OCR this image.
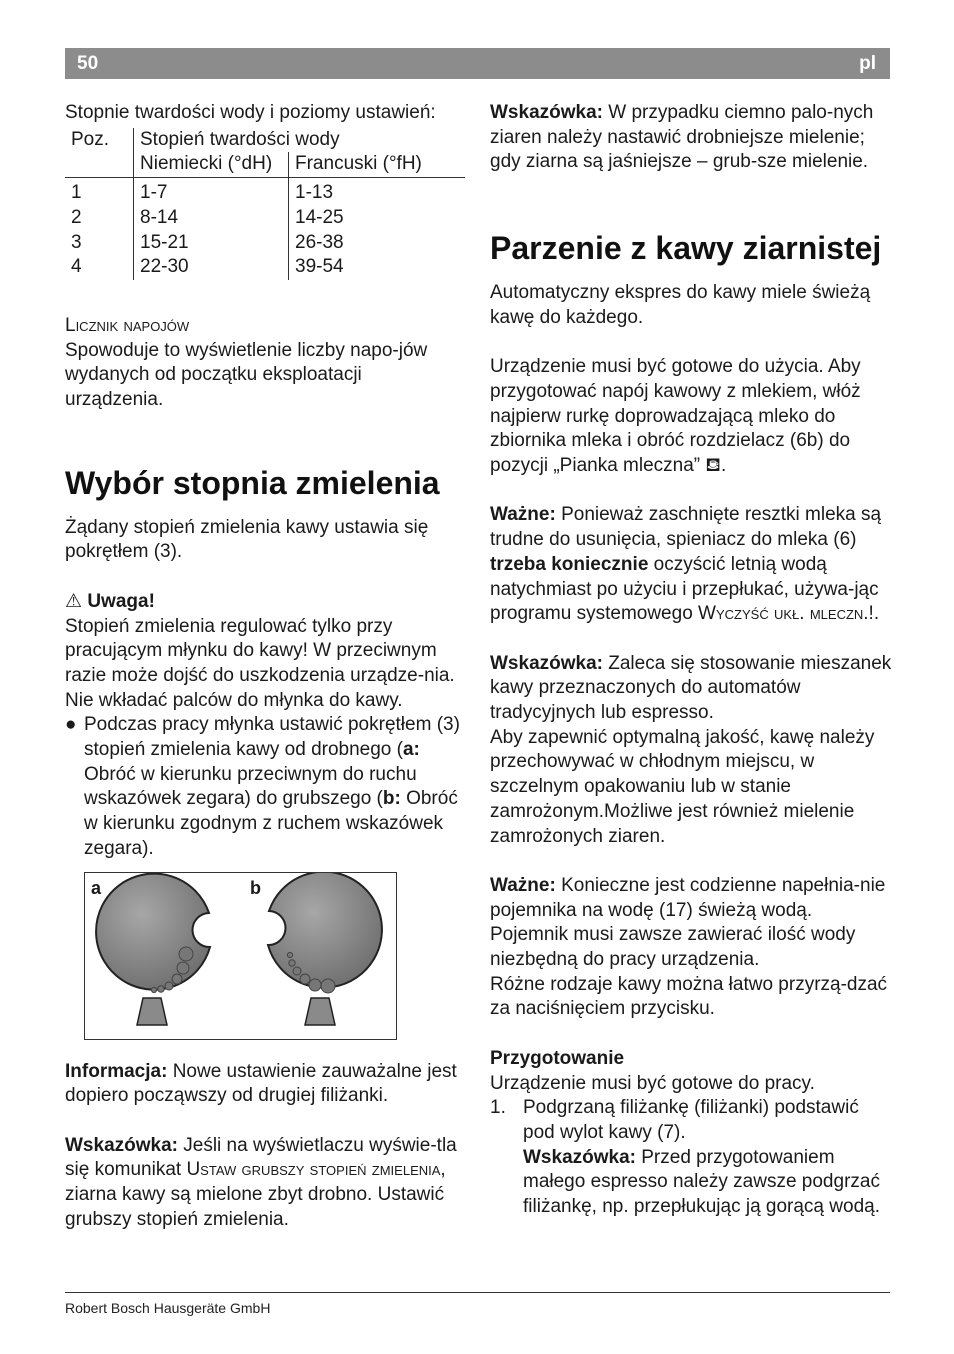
50	pl

Stopnie twardości wody i poziomy ustawień:

Poz.	Stopień twardości wody	
	Niemiecki (°dH)	Francuski (°fH)
1	1-7	1-13
2	8-14	14-25
3	15-21	26-38
4	22-30	39-54

Licznik napojów

Spowoduje to wyświetlenie liczby napo-jów wydanych od początku eksploatacji urządzenia.

Wybór stopnia zmielenia

Żądany stopień zmielenia kawy ustawia się pokrętłem (3).

⚠ Uwaga!

Stopień zmielenia regulować tylko przy pracującym młynku do kawy! W przeciwnym razie może dojść do uszkodzenia urządze-nia. Nie wkładać palców do młynka do kawy.

● Podczas pracy młynka ustawić pokrętłem (3) stopień zmielenia kawy od drobnego (a: Obróć w kierunku przeciwnym do ruchu wskazówek zegara) do grubszego (b: Obróć w kierunku zgodnym z ruchem wskazówek zegara).
a	b

Informacja: Nowe ustawienie zauważalne jest dopiero począwszy od drugiej filiżanki.

Wskazówka: Jeśli na wyświetlaczu wyświe-tla się komunikat Ustaw grubszy stopień zmielenia, ziarna kawy są mielone zbyt drobno. Ustawić grubszy stopień zmielenia.

Wskazówka: W przypadku ciemno palo-nych ziaren należy nastawić drobniejsze mielenie; gdy ziarna są jaśniejsze – grub-sze mielenie.

Parzenie z kawy ziarnistej

Automatyczny ekspres do kawy miele świeżą kawę do każdego.

Urządzenie musi być gotowe do użycia. Aby przygotować napój kawowy z mlekiem, włóż najpierw rurkę doprowadzającą mleko do zbiornika mleka i obróć rozdzielacz (6b) do pozycji „Pianka mleczna” ⛾.

Ważne: Ponieważ zaschnięte resztki mleka są trudne do usunięcia, spieniacz do mleka (6) trzeba koniecznie oczyścić letnią wodą natychmiast po użyciu i przepłukać, używa-jąc programu systemowego Wyczyść ukł. mleczn.!.

Wskazówka: Zaleca się stosowanie mieszanek kawy przeznaczonych do automatów tradycyjnych lub espresso.

Aby zapewnić optymalną jakość, kawę należy przechowywać w chłodnym miejscu, w szczelnym opakowaniu lub w stanie zamrożonym.Możliwe jest również mielenie zamrożonych ziaren.

Ważne: Konieczne jest codzienne napełnia-nie pojemnika na wodę (17) świeżą wodą. Pojemnik musi zawsze zawierać ilość wody niezbędną do pracy urządzenia.

Różne rodzaje kawy można łatwo przyrzą-dzać za naciśnięciem przycisku.

Przygotowanie

Urządzenie musi być gotowe do pracy.

1. Podgrzaną filiżankę (filiżanki) podstawić pod wylot kawy (7).

Wskazówka: Przed przygotowaniem małego espresso należy zawsze podgrzać filiżankę, np. przepłukując ją gorącą wodą.

Robert Bosch Hausgeräte GmbH
